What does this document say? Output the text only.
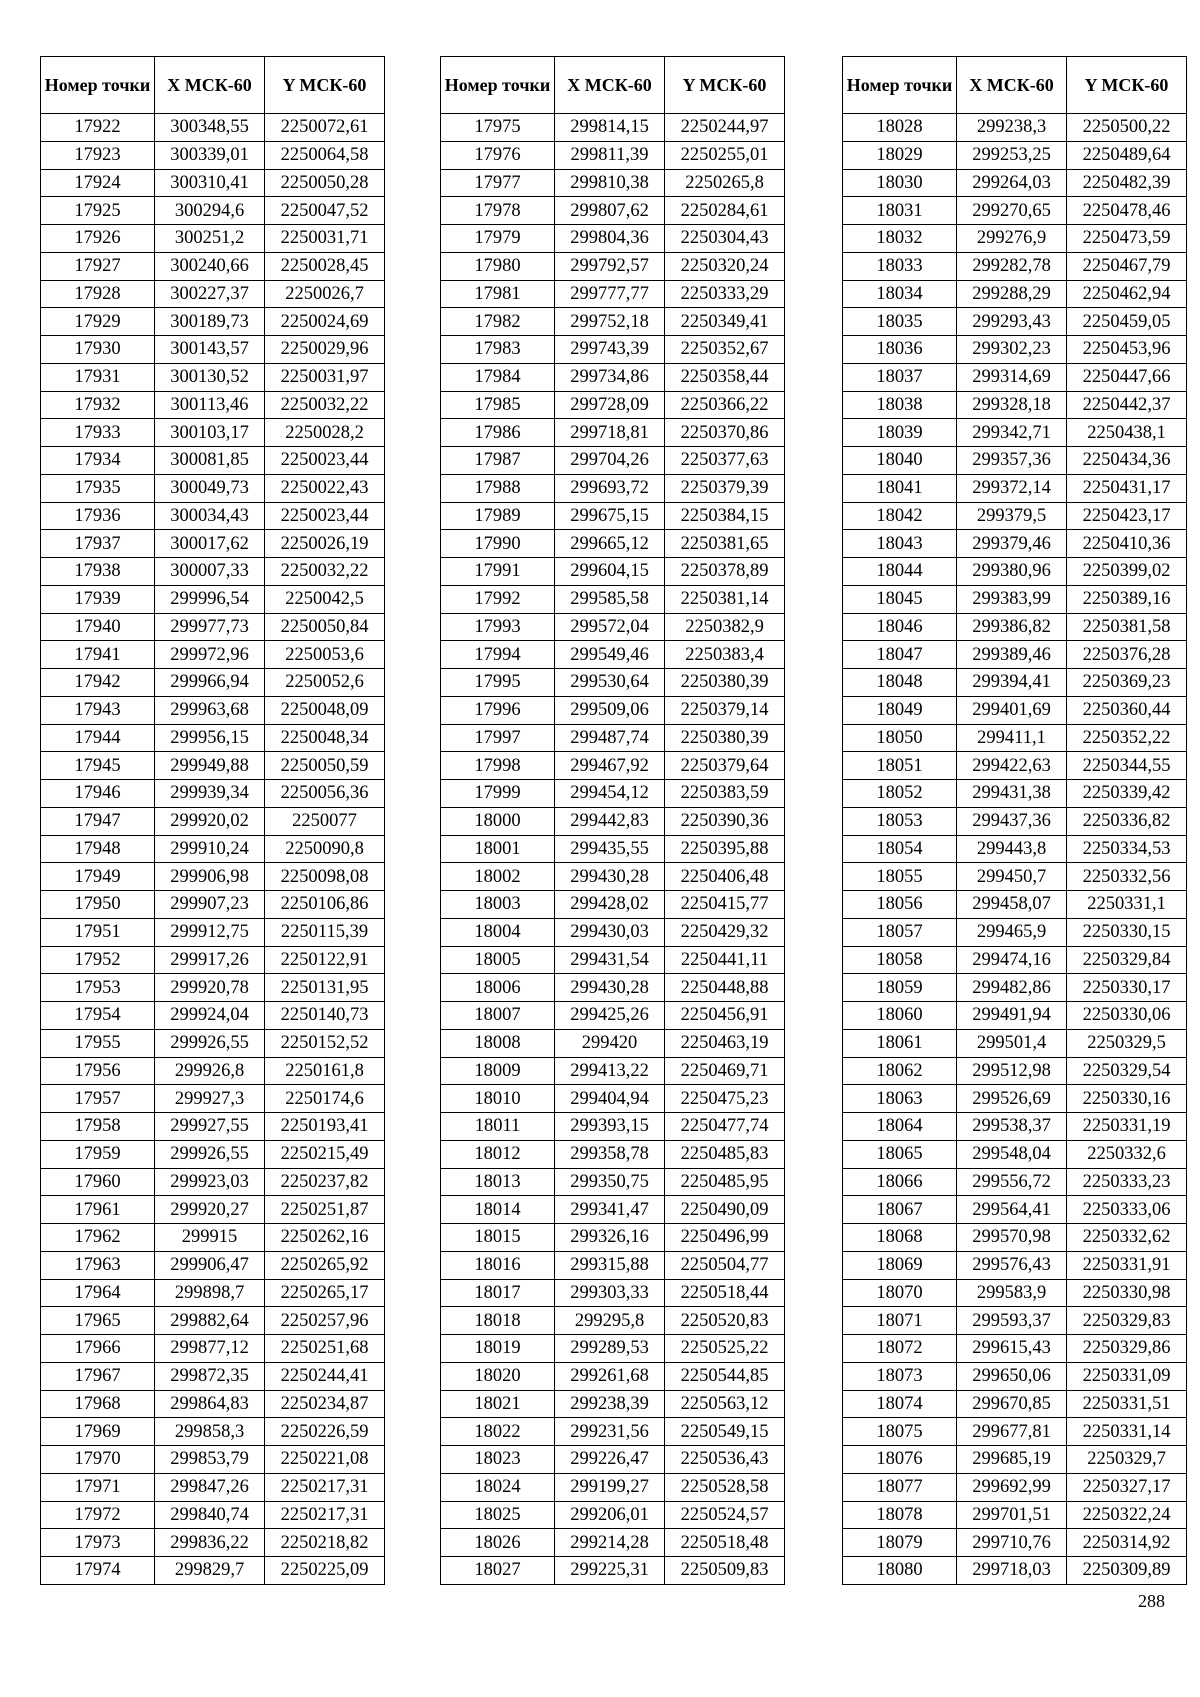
Номер точки	X МСК-60	Y МСК-60
17922	300348,55	2250072,61
17923	300339,01	2250064,58
17924	300310,41	2250050,28
17925	300294,6	2250047,52
17926	300251,2	2250031,71
17927	300240,66	2250028,45
17928	300227,37	2250026,7
17929	300189,73	2250024,69
17930	300143,57	2250029,96
17931	300130,52	2250031,97
17932	300113,46	2250032,22
17933	300103,17	2250028,2
17934	300081,85	2250023,44
17935	300049,73	2250022,43
17936	300034,43	2250023,44
17937	300017,62	2250026,19
17938	300007,33	2250032,22
17939	299996,54	2250042,5
17940	299977,73	2250050,84
17941	299972,96	2250053,6
17942	299966,94	2250052,6
17943	299963,68	2250048,09
17944	299956,15	2250048,34
17945	299949,88	2250050,59
17946	299939,34	2250056,36
17947	299920,02	2250077
17948	299910,24	2250090,8
17949	299906,98	2250098,08
17950	299907,23	2250106,86
17951	299912,75	2250115,39
17952	299917,26	2250122,91
17953	299920,78	2250131,95
17954	299924,04	2250140,73
17955	299926,55	2250152,52
17956	299926,8	2250161,8
17957	299927,3	2250174,6
17958	299927,55	2250193,41
17959	299926,55	2250215,49
17960	299923,03	2250237,82
17961	299920,27	2250251,87
17962	299915	2250262,16
17963	299906,47	2250265,92
17964	299898,7	2250265,17
17965	299882,64	2250257,96
17966	299877,12	2250251,68
17967	299872,35	2250244,41
17968	299864,83	2250234,87
17969	299858,3	2250226,59
17970	299853,79	2250221,08
17971	299847,26	2250217,31
17972	299840,74	2250217,31
17973	299836,22	2250218,82
17974	299829,7	2250225,09
Номер точки	X МСК-60	Y МСК-60
17975	299814,15	2250244,97
17976	299811,39	2250255,01
17977	299810,38	2250265,8
17978	299807,62	2250284,61
17979	299804,36	2250304,43
17980	299792,57	2250320,24
17981	299777,77	2250333,29
17982	299752,18	2250349,41
17983	299743,39	2250352,67
17984	299734,86	2250358,44
17985	299728,09	2250366,22
17986	299718,81	2250370,86
17987	299704,26	2250377,63
17988	299693,72	2250379,39
17989	299675,15	2250384,15
17990	299665,12	2250381,65
17991	299604,15	2250378,89
17992	299585,58	2250381,14
17993	299572,04	2250382,9
17994	299549,46	2250383,4
17995	299530,64	2250380,39
17996	299509,06	2250379,14
17997	299487,74	2250380,39
17998	299467,92	2250379,64
17999	299454,12	2250383,59
18000	299442,83	2250390,36
18001	299435,55	2250395,88
18002	299430,28	2250406,48
18003	299428,02	2250415,77
18004	299430,03	2250429,32
18005	299431,54	2250441,11
18006	299430,28	2250448,88
18007	299425,26	2250456,91
18008	299420	2250463,19
18009	299413,22	2250469,71
18010	299404,94	2250475,23
18011	299393,15	2250477,74
18012	299358,78	2250485,83
18013	299350,75	2250485,95
18014	299341,47	2250490,09
18015	299326,16	2250496,99
18016	299315,88	2250504,77
18017	299303,33	2250518,44
18018	299295,8	2250520,83
18019	299289,53	2250525,22
18020	299261,68	2250544,85
18021	299238,39	2250563,12
18022	299231,56	2250549,15
18023	299226,47	2250536,43
18024	299199,27	2250528,58
18025	299206,01	2250524,57
18026	299214,28	2250518,48
18027	299225,31	2250509,83
Номер точки	X МСК-60	Y МСК-60
18028	299238,3	2250500,22
18029	299253,25	2250489,64
18030	299264,03	2250482,39
18031	299270,65	2250478,46
18032	299276,9	2250473,59
18033	299282,78	2250467,79
18034	299288,29	2250462,94
18035	299293,43	2250459,05
18036	299302,23	2250453,96
18037	299314,69	2250447,66
18038	299328,18	2250442,37
18039	299342,71	2250438,1
18040	299357,36	2250434,36
18041	299372,14	2250431,17
18042	299379,5	2250423,17
18043	299379,46	2250410,36
18044	299380,96	2250399,02
18045	299383,99	2250389,16
18046	299386,82	2250381,58
18047	299389,46	2250376,28
18048	299394,41	2250369,23
18049	299401,69	2250360,44
18050	299411,1	2250352,22
18051	299422,63	2250344,55
18052	299431,38	2250339,42
18053	299437,36	2250336,82
18054	299443,8	2250334,53
18055	299450,7	2250332,56
18056	299458,07	2250331,1
18057	299465,9	2250330,15
18058	299474,16	2250329,84
18059	299482,86	2250330,17
18060	299491,94	2250330,06
18061	299501,4	2250329,5
18062	299512,98	2250329,54
18063	299526,69	2250330,16
18064	299538,37	2250331,19
18065	299548,04	2250332,6
18066	299556,72	2250333,23
18067	299564,41	2250333,06
18068	299570,98	2250332,62
18069	299576,43	2250331,91
18070	299583,9	2250330,98
18071	299593,37	2250329,83
18072	299615,43	2250329,86
18073	299650,06	2250331,09
18074	299670,85	2250331,51
18075	299677,81	2250331,14
18076	299685,19	2250329,7
18077	299692,99	2250327,17
18078	299701,51	2250322,24
18079	299710,76	2250314,92
18080	299718,03	2250309,89
288
